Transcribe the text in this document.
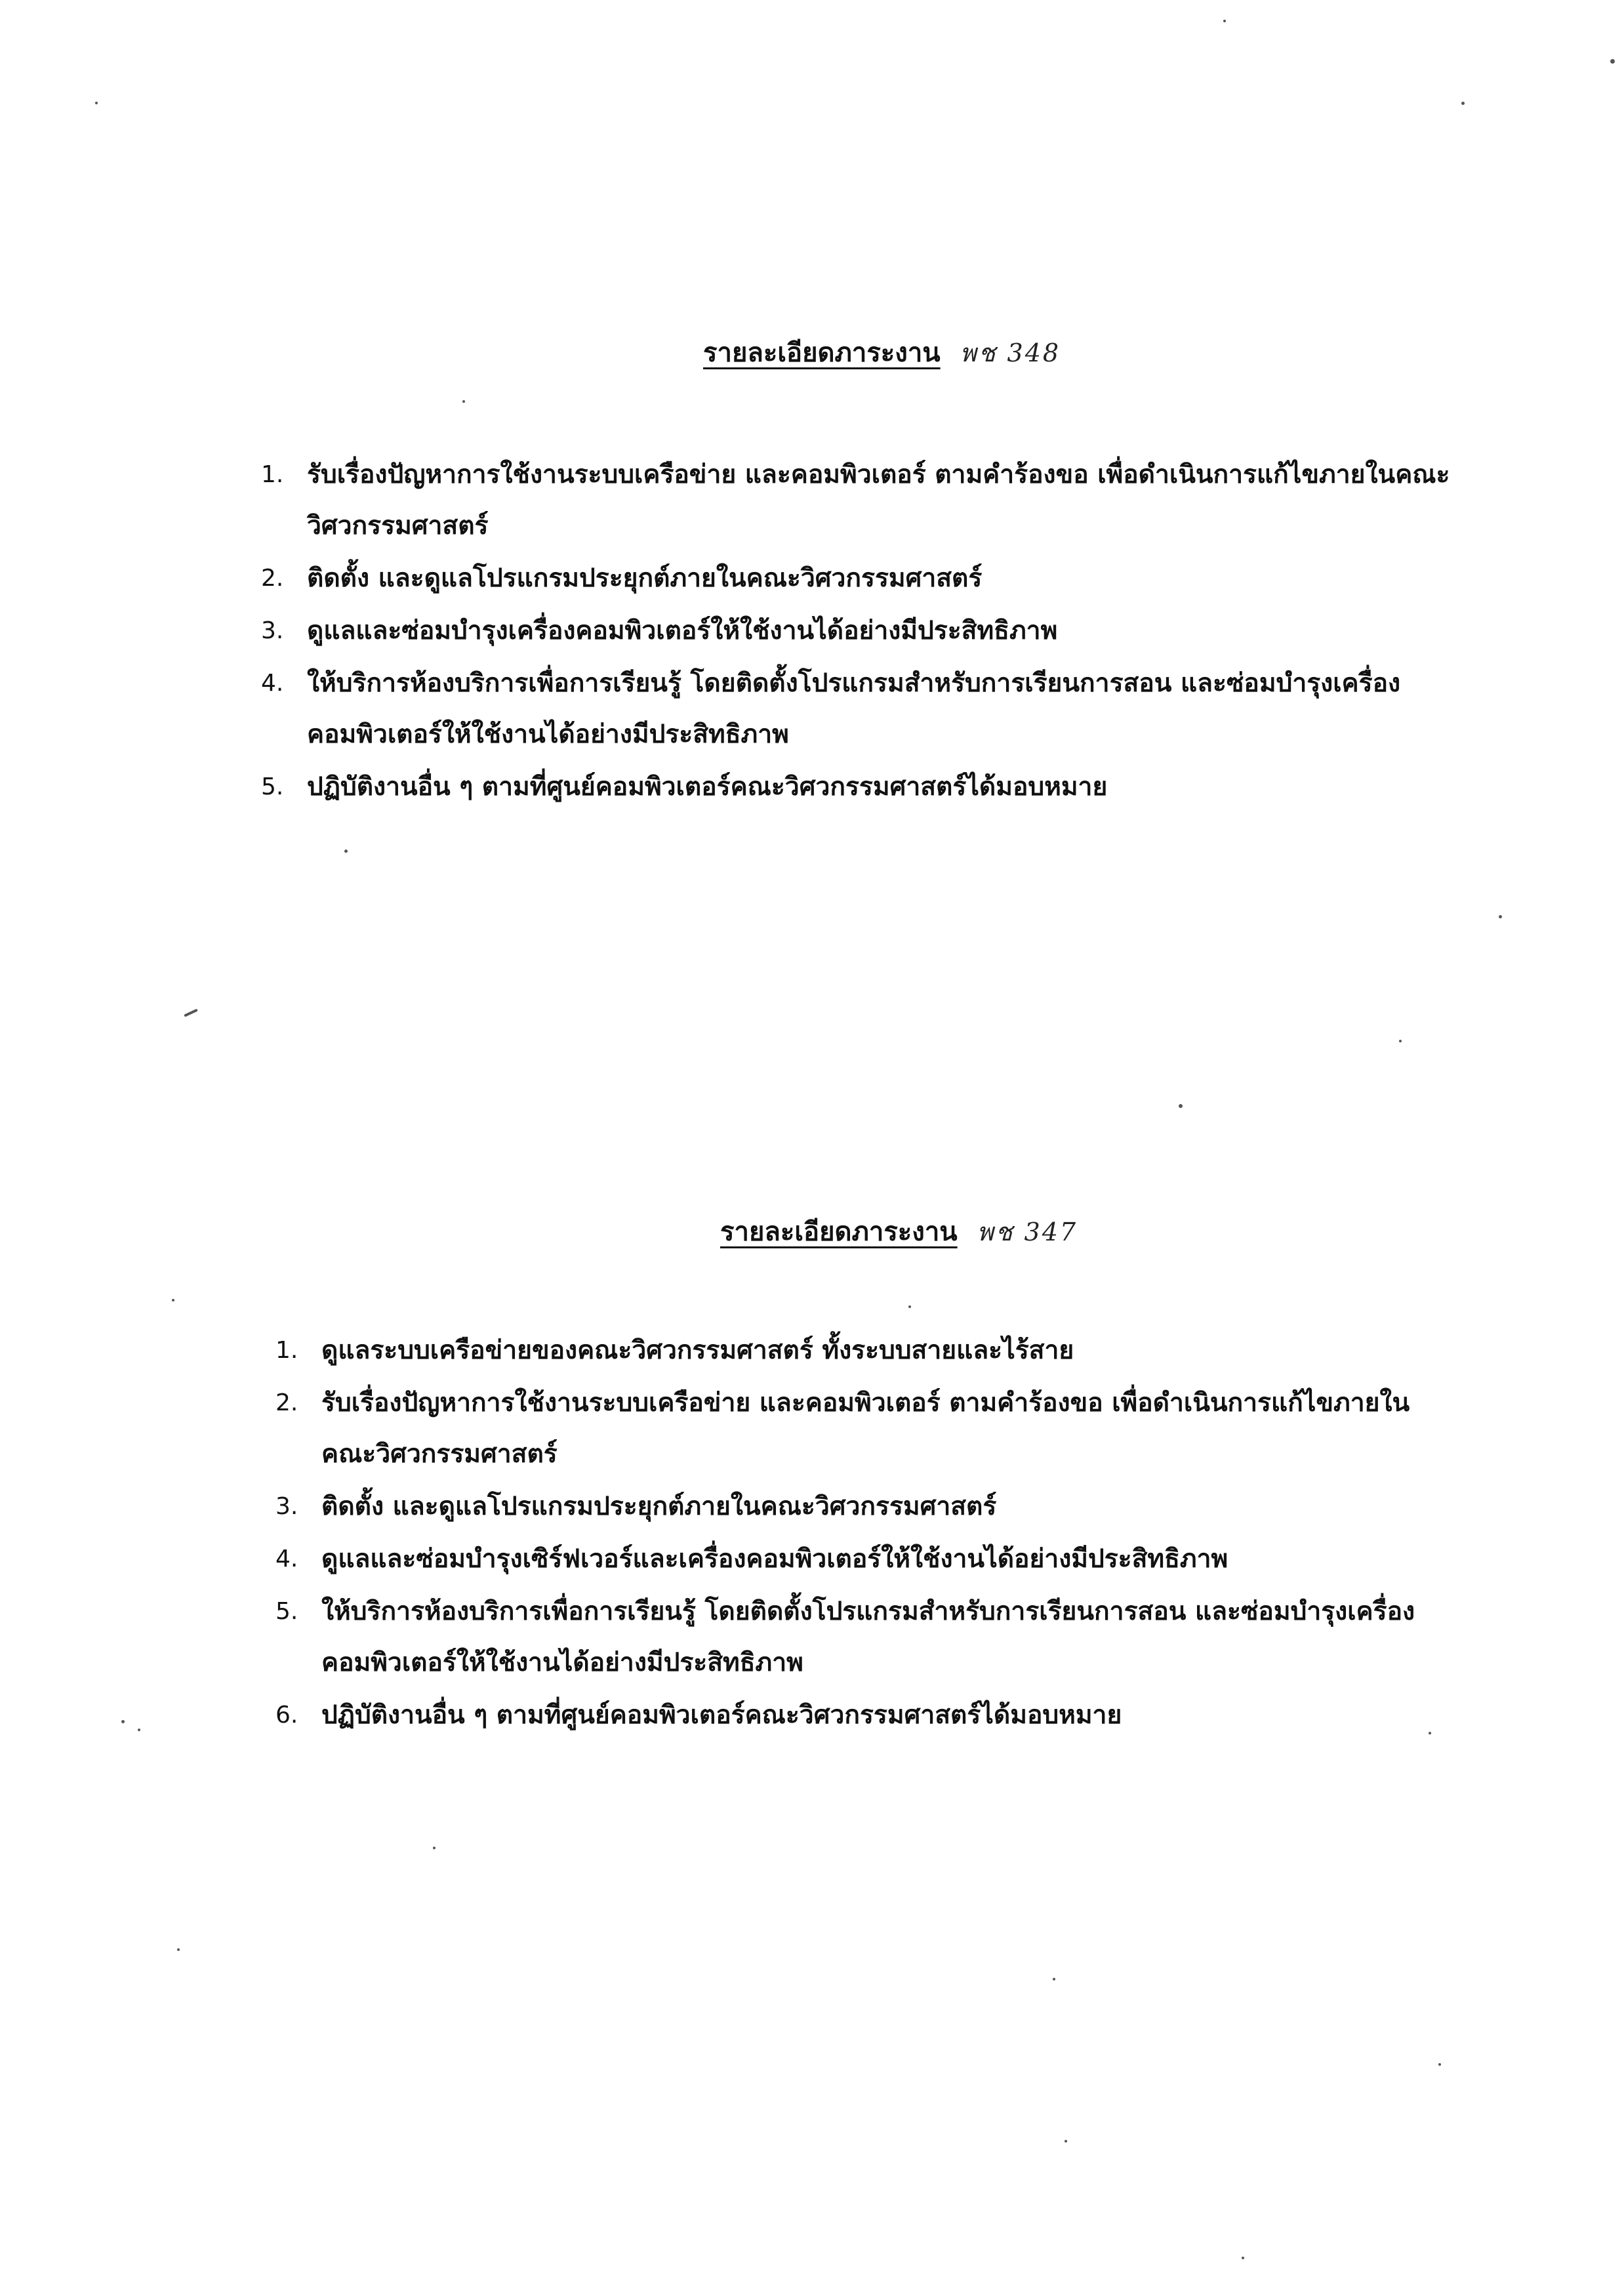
รายละเอียดภาระงาน พช 348
1. รับเรื่องปัญหาการใช้งานระบบเครือข่าย และคอมพิวเตอร์ ตามคำร้องขอ เพื่อดำเนินการแก้ไขภายในคณะวิศวกรรมศาสตร์
2. ติดตั้ง และดูแลโปรแกรมประยุกต์ภายในคณะวิศวกรรมศาสตร์
3. ดูแลและซ่อมบำรุงเครื่องคอมพิวเตอร์ให้ใช้งานได้อย่างมีประสิทธิภาพ
4. ให้บริการห้องบริการเพื่อการเรียนรู้ โดยติดตั้งโปรแกรมสำหรับการเรียนการสอน และซ่อมบำรุงเครื่องคอมพิวเตอร์ให้ใช้งานได้อย่างมีประสิทธิภาพ
5. ปฏิบัติงานอื่น ๆ ตามที่ศูนย์คอมพิวเตอร์คณะวิศวกรรมศาสตร์ได้มอบหมาย
รายละเอียดภาระงาน พช 347
1. ดูแลระบบเครือข่ายของคณะวิศวกรรมศาสตร์ ทั้งระบบสายและไร้สาย
2. รับเรื่องปัญหาการใช้งานระบบเครือข่าย และคอมพิวเตอร์ ตามคำร้องขอ เพื่อดำเนินการแก้ไขภายในคณะวิศวกรรมศาสตร์
3. ติดตั้ง และดูแลโปรแกรมประยุกต์ภายในคณะวิศวกรรมศาสตร์
4. ดูแลและซ่อมบำรุงเซิร์ฟเวอร์และเครื่องคอมพิวเตอร์ให้ใช้งานได้อย่างมีประสิทธิภาพ
5. ให้บริการห้องบริการเพื่อการเรียนรู้ โดยติดตั้งโปรแกรมสำหรับการเรียนการสอน และซ่อมบำรุงเครื่องคอมพิวเตอร์ให้ใช้งานได้อย่างมีประสิทธิภาพ
6. ปฏิบัติงานอื่น ๆ ตามที่ศูนย์คอมพิวเตอร์คณะวิศวกรรมศาสตร์ได้มอบหมาย
